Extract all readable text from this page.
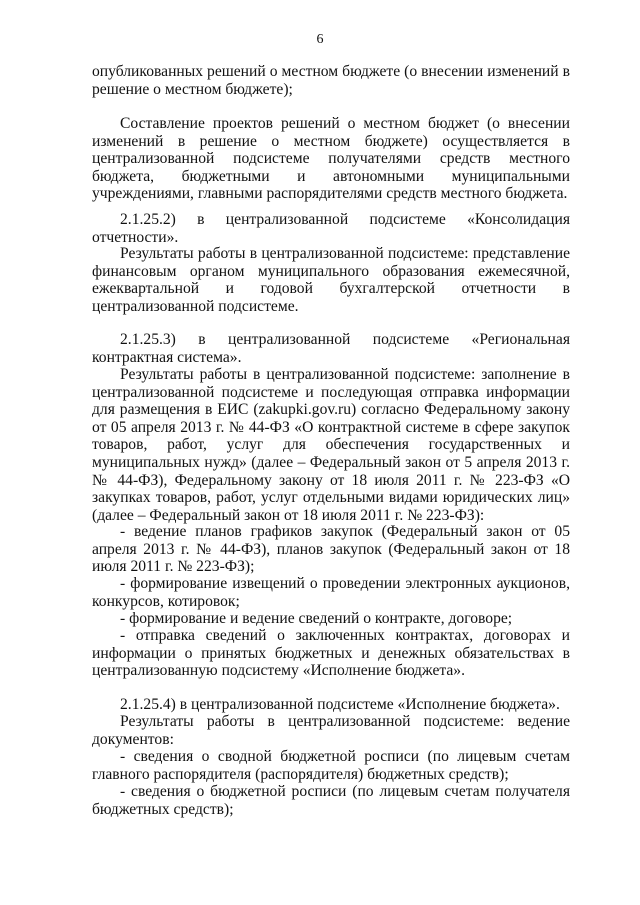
6

опубликованных решений о местном бюджете (о внесении изменений в решение о местном бюджете);

Составление проектов решений о местном бюджет (о внесении изменений в решение о местном бюджете) осуществляется в централизованной подсистеме получателями средств местного бюджета, бюджетными и автономными муниципальными учреждениями, главными распорядителями средств местного бюджета.

2.1.25.2) в централизованной подсистеме «Консолидация отчетности».

Результаты работы в централизованной подсистеме: представление финансовым органом муниципального образования ежемесячной, ежеквартальной и годовой бухгалтерской отчетности в централизованной подсистеме.

2.1.25.3) в централизованной подсистеме «Региональная контрактная система».

Результаты работы в централизованной подсистеме: заполнение в централизованной подсистеме и последующая отправка информации для размещения в ЕИС (zakupki.gov.ru) согласно Федеральному закону от 05 апреля 2013 г. № 44-ФЗ «О контрактной системе в сфере закупок товаров, работ, услуг для обеспечения государственных и муниципальных нужд» (далее – Федеральный закон от 5 апреля 2013 г. № 44-ФЗ), Федеральному закону от 18 июля 2011 г. № 223-ФЗ «О закупках товаров, работ, услуг отдельными видами юридических лиц» (далее – Федеральный закон от 18 июля 2011 г. № 223-ФЗ):

- ведение планов графиков закупок (Федеральный закон от 05 апреля 2013 г. № 44-ФЗ), планов закупок (Федеральный закон от 18 июля 2011 г. № 223-ФЗ);

- формирование извещений о проведении электронных аукционов, конкурсов, котировок;

- формирование и ведение сведений о контракте, договоре;

- отправка сведений о заключенных контрактах, договорах и информации о принятых бюджетных и денежных обязательствах в централизованную подсистему «Исполнение бюджета».

2.1.25.4) в централизованной подсистеме «Исполнение бюджета».

Результаты работы в централизованной подсистеме: ведение документов:

- сведения о сводной бюджетной росписи (по лицевым счетам главного распорядителя (распорядителя) бюджетных средств);

- сведения о бюджетной росписи (по лицевым счетам получателя бюджетных средств);
